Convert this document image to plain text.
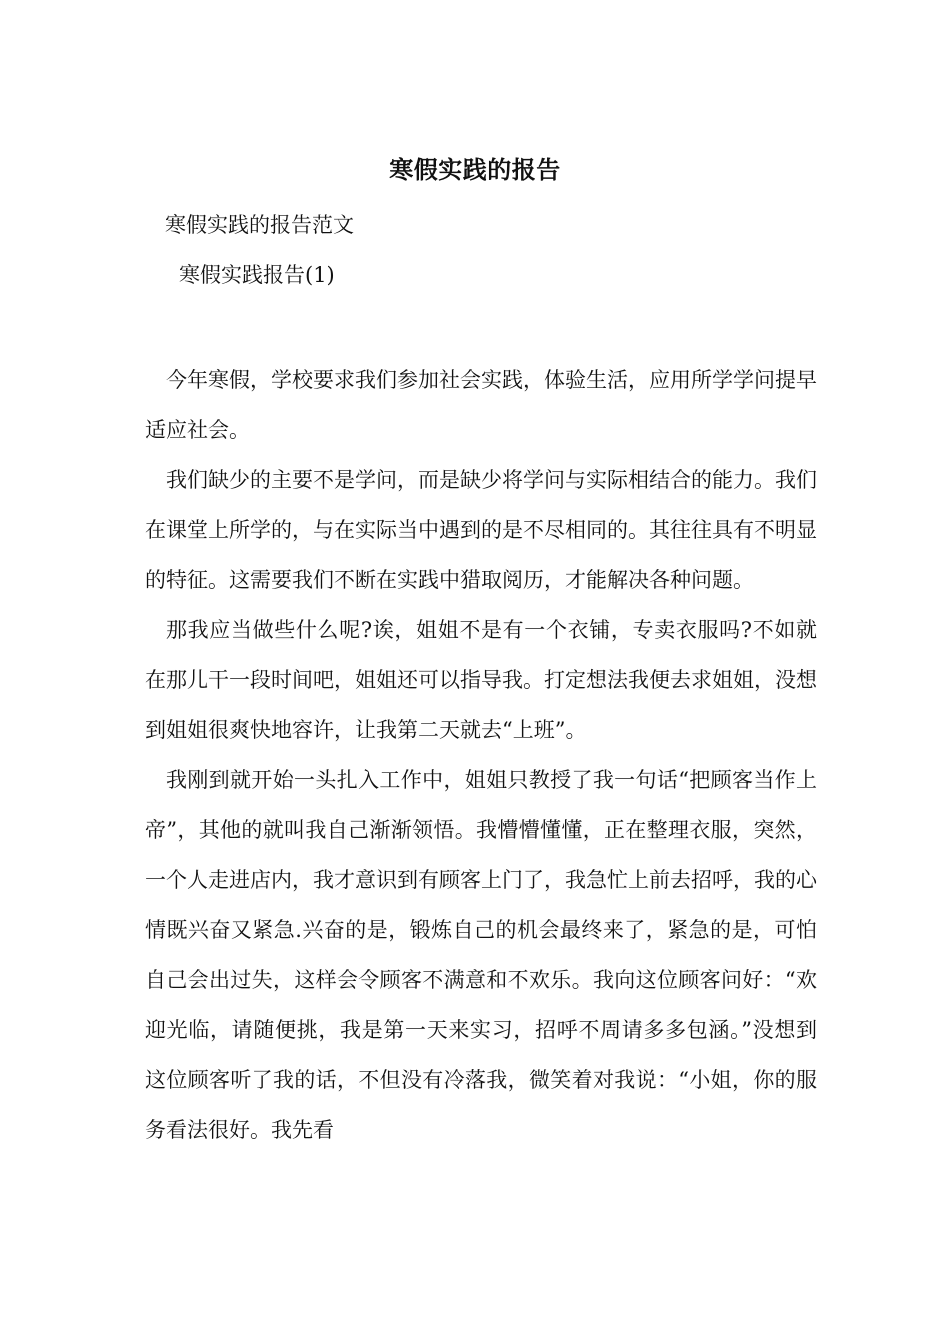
寒假实践的报告
寒假实践的报告范文
寒假实践报告(1)

今年寒假，学校要求我们参加社会实践，体验生活，应用所学学问提早适应社会。

我们缺少的主要不是学问，而是缺少将学问与实际相结合的能力。我们在课堂上所学的，与在实际当中遇到的是不尽相同的。其往往具有不明显的特征。这需要我们不断在实践中猎取阅历，才能解决各种问题。

那我应当做些什么呢?诶，姐姐不是有一个衣铺，专卖衣服吗?不如就在那儿干一段时间吧，姐姐还可以指导我。打定想法我便去求姐姐，没想到姐姐很爽快地容许，让我第二天就去“上班”。

我刚到就开始一头扎入工作中，姐姐只教授了我一句话“把顾客当作上帝”，其他的就叫我自己渐渐领悟。我懵懵懂懂，正在整理衣服，突然，一个人走进店内，我才意识到有顾客上门了，我急忙上前去招呼，我的心情既兴奋又紧急.兴奋的是，锻炼自己的机会最终来了，紧急的是，可怕自己会出过失，这样会令顾客不满意和不欢乐。我向这位顾客问好：“欢迎光临，请随便挑，我是第一天来实习，招呼不周请多多包涵。”没想到这位顾客听了我的话，不但没有冷落我，微笑着对我说：“小姐，你的服务看法很好。我先看
